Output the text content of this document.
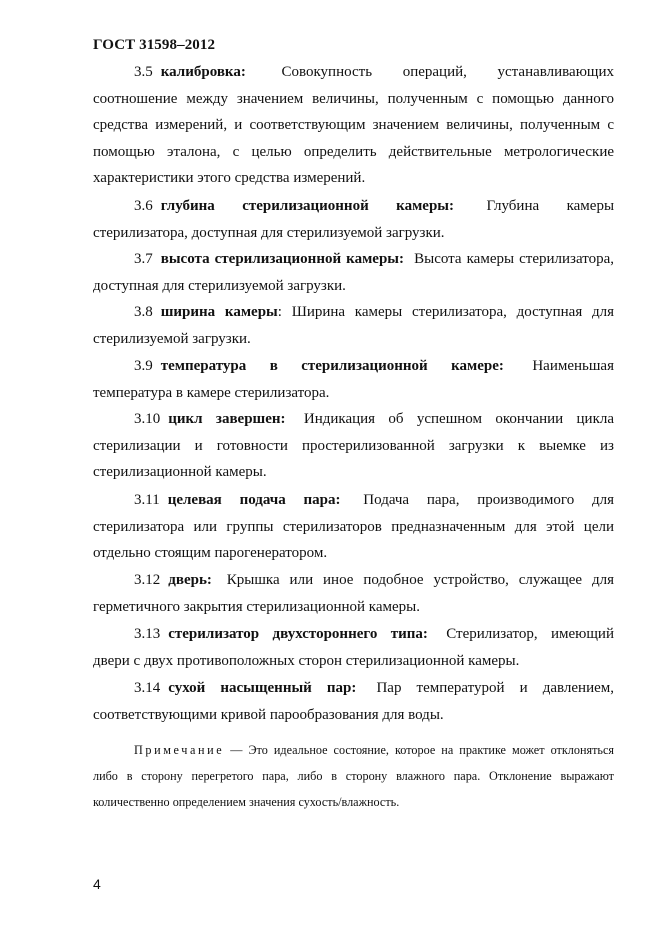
ГОСТ 31598–2012

3.5 калибровка: Совокупность операций, устанавливающих соотношение между значением величины, полученным с помощью данного средства измерений, и соответствующим значением величины, полученным с помощью эталона, с целью определить действительные метрологические характеристики этого средства измерений.

3.6 глубина стерилизационной камеры: Глубина камеры стерилизатора, доступная для стерилизуемой загрузки.

3.7 высота стерилизационной камеры: Высота камеры стерилизатора, доступная для стерилизуемой загрузки.

3.8 ширина камеры: Ширина камеры стерилизатора, доступная для стерилизуемой загрузки.

3.9 температура в стерилизационной камере: Наименьшая температура в камере стерилизатора.

3.10 цикл завершен: Индикация об успешном окончании цикла стерилизации и готовности простерилизованной загрузки к выемке из стерилизационной камеры.

3.11 целевая подача пара: Подача пара, производимого для стерилизатора или группы стерилизаторов предназначенным для этой цели отдельно стоящим парогенератором.

3.12 дверь: Крышка или иное подобное устройство, служащее для герметичного закрытия стерилизационной камеры.

3.13 стерилизатор двухстороннего типа: Стерилизатор, имеющий двери с двух противоположных сторон стерилизационной камеры.

3.14 сухой насыщенный пар: Пар температурой и давлением, соответствующими кривой парообразования для воды.

Примечание — Это идеальное состояние, которое на практике может отклоняться либо в сторону перегретого пара, либо в сторону влажного пара. Отклонение выражают количественно определением значения сухость/влажность.

4
